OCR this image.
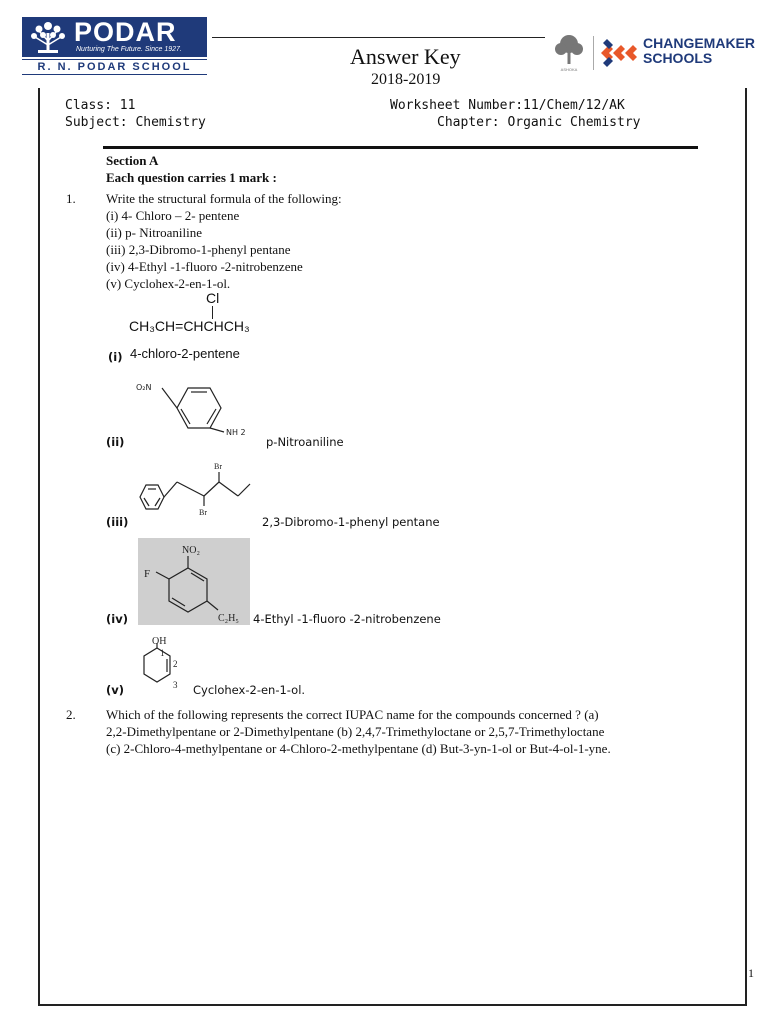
PODAR
Nurturing The Future. Since 1927.
R. N. PODAR SCHOOL	Answer Key
2018-2019
ASHOKA
CHANGEMAKER
SCHOOLS
Class: 11	Worksheet Number:11/Chem/12/AK
Subject: Chemistry	Chapter: Organic Chemistry
Section A
Each question carries 1 mark :
1. Write the structural formula of the following:
(i) 4- Chloro – 2- pentene
(ii) p- Nitroaniline
(iii) 2,3-Dibromo-1-phenyl pentane
(iv) 4-Ethyl -1-fluoro -2-nitrobenzene
(v) Cyclohex-2-en-1-ol.
Cl
CH₃CH=CHCHCH₃
(i) 4-chloro-2-pentene
O₂N
NH 2
(ii)	p-Nitroaniline
Br
Br
(iii)	2,3-Dibromo-1-phenyl pentane
NO₂
F
C₂H₅
(iv)	4-Ethyl -1-fluoro -2-nitrobenzene
OH
1
2
3
(v)	Cyclohex-2-en-1-ol.
2. Which of the following represents the correct IUPAC name for the compounds concerned ? (a)
2,2-Dimethylpentane or 2-Dimethylpentane (b) 2,4,7-Trimethyloctane or 2,5,7-Trimethyloctane
(c) 2-Chloro-4-methylpentane or 4-Chloro-2-methylpentane (d) But-3-yn-1-ol or But-4-ol-1-yne.
1
